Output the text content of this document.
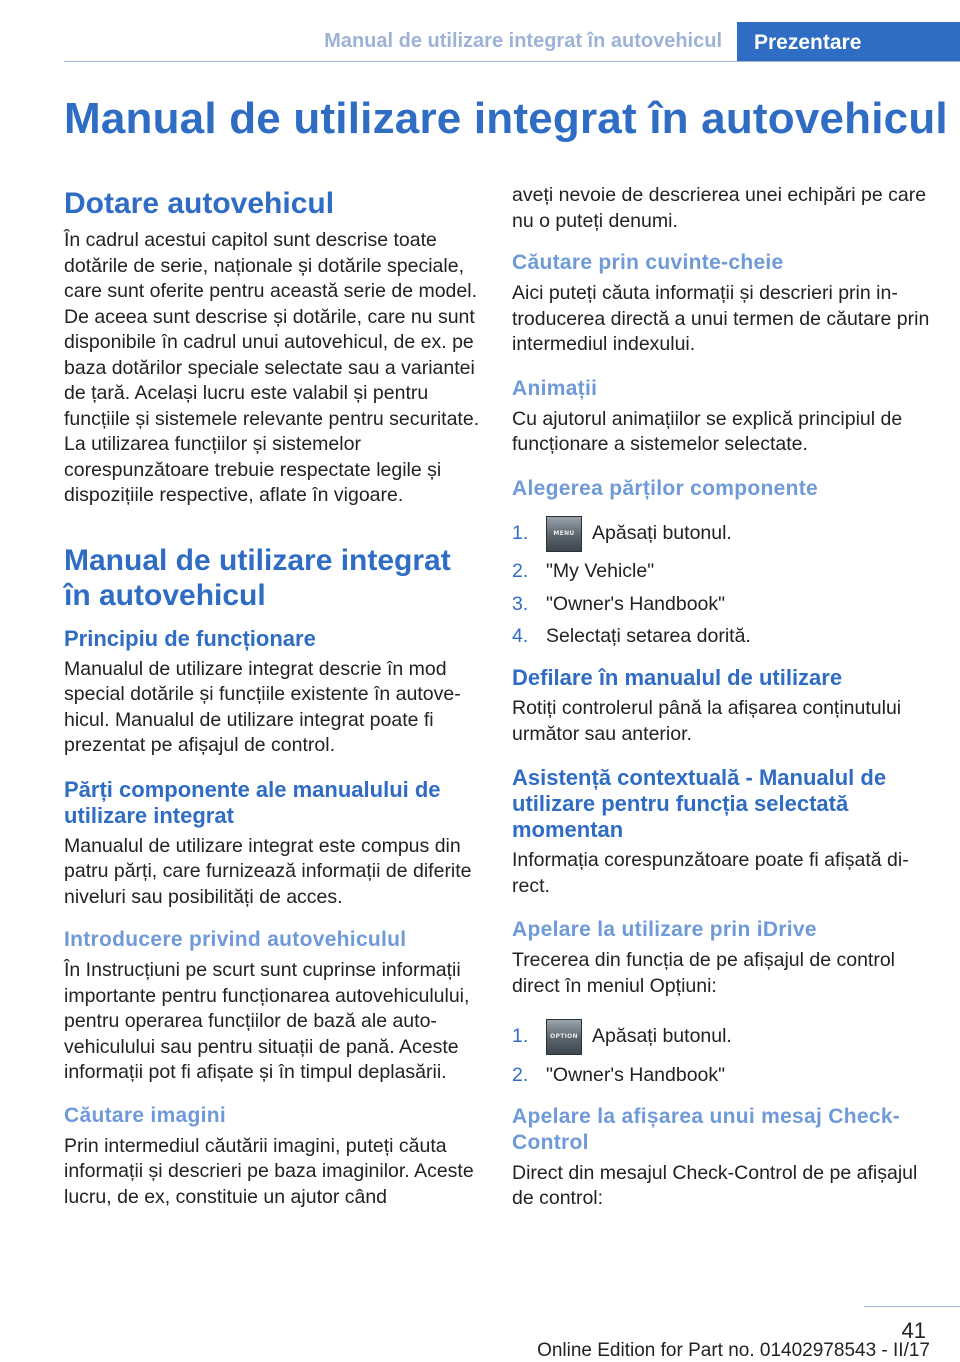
Manual de utilizare integrat în autovehicul	Prezentare
Manual de utilizare integrat în autovehicul
Dotare autovehicul

În cadrul acestui capitol sunt descrise toate dotările de serie, naționale și dotările speciale, care sunt oferite pentru această serie de model. De aceea sunt descrise și dotările, care nu sunt disponibile în cadrul unui autovehicul, de ex. pe baza dotărilor speciale selectate sau a variantei de țară. Același lucru este valabil și pentru funcțiile și sistemele relevante pentru securitate. La utilizarea funcțiilor și sistemelor corespunzătoare trebuie respectate legile și dispozițiile respective, aflate în vigoare.

Manual de utilizare integrat în autovehicul
Principiu de funcționare

Manualul de utilizare integrat descrie în mod special dotările și funcțiile existente în autovehicul. Manualul de utilizare integrat poate fi prezentat pe afișajul de control.

Părți componente ale manualului de utilizare integrat

Manualul de utilizare integrat este compus din patru părți, care furnizează informații de diferite niveluri sau posibilități de acces.

Introducere privind autovehiculul

În Instrucțiuni pe scurt sunt cuprinse informații importante pentru funcționarea autovehiculului, pentru operarea funcțiilor de bază ale autovehiculului sau pentru situații de pană. Aceste informații pot fi afișate și în timpul deplasării.

Căutare imagini

Prin intermediul căutării imagini, puteți căuta informații și descrieri pe baza imaginilor. Aceste lucru, de ex, constituie un ajutor când

aveți nevoie de descrierea unei echipări pe care nu o puteți denumi.

Căutare prin cuvinte-cheie

Aici puteți căuta informații și descrieri prin introducerea directă a unui termen de căutare prin intermediul indexului.

Animații

Cu ajutorul animațiilor se explică principiul de funcționare a sistemelor selectate.

Alegerea părților componente
1.	MENU Apăsați butonul.
2. "My Vehicle"
3. "Owner's Handbook"
4. Selectați setarea dorită.
Defilare în manualul de utilizare

Rotiți controlerul până la afișarea conținutului următor sau anterior.

Asistență contextuală - Manualul de utilizare pentru funcția selectată momentan

Informația corespunzătoare poate fi afișată direct.

Apelare la utilizare prin iDrive

Trecerea din funcția de pe afișajul de control direct în meniul Opțiuni:

1.	OPTION Apăsați butonul.
2. "Owner's Handbook"
Apelare la afișarea unui mesaj Check-Control

Direct din mesajul Check-Control de pe afișajul de control:

41
Online Edition for Part no. 01402978543 - II/17
